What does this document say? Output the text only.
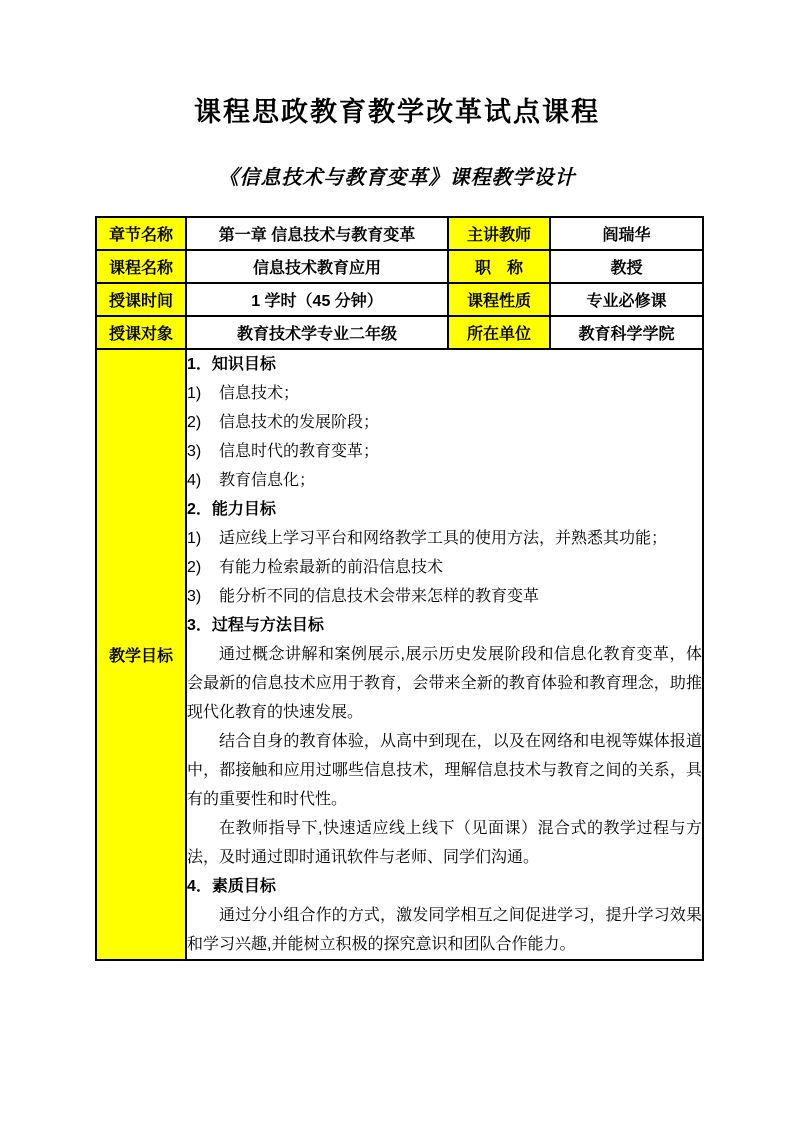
课程思政教育教学改革试点课程
《信息技术与教育变革》课程教学设计
章节名称	第一章 信息技术与教育变革	主讲教师	阎瑞华
课程名称	信息技术教育应用	职　称	教授
授课时间	1 学时（45 分钟）	课程性质	专业必修课
授课对象	教育技术学专业二年级	所在单位	教育科学学院
教学目标	
1．知识目标
1)	信息技术；
2)	信息技术的发展阶段；
3)	信息时代的教育变革；
4)	教育信息化；
2．能力目标
1)	适应线上学习平台和网络教学工具的使用方法，并熟悉其功能；
2)	有能力检索最新的前沿信息技术
3)	能分析不同的信息技术会带来怎样的教育变革
3．过程与方法目标
通过概念讲解和案例展示,展示历史发展阶段和信息化教育变革，体会最新的信息技术应用于教育，会带来全新的教育体验和教育理念，助推现代化教育的快速发展。
结合自身的教育体验，从高中到现在，以及在网络和电视等媒体报道中，都接触和应用过哪些信息技术，理解信息技术与教育之间的关系，具有的重要性和时代性。
在教师指导下,快速适应线上线下（见面课）混合式的教学过程与方法，及时通过即时通讯软件与老师、同学们沟通。
4．素质目标
通过分小组合作的方式，激发同学相互之间促进学习，提升学习效果和学习兴趣,并能树立积极的探究意识和团队合作能力。
